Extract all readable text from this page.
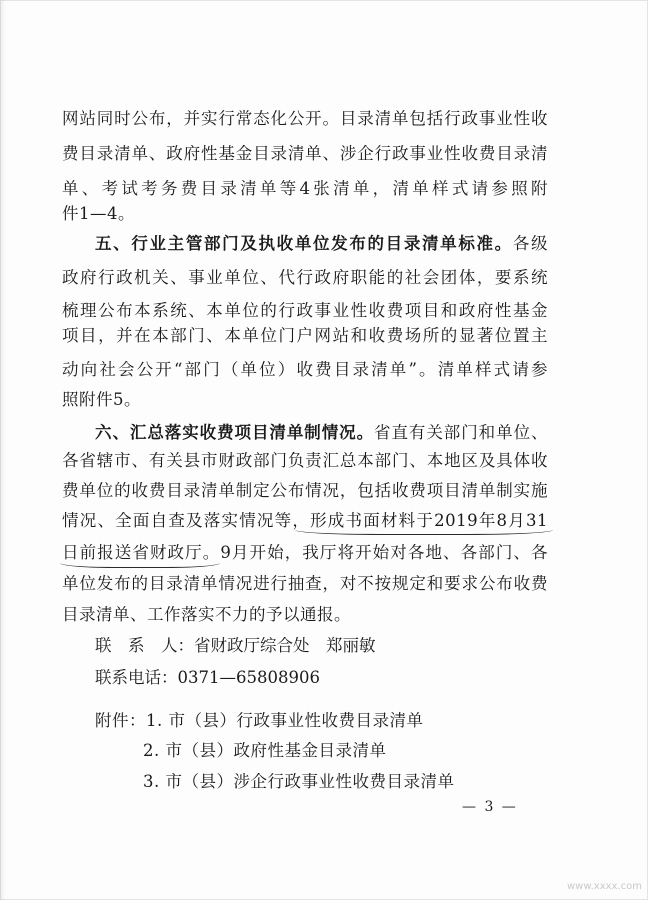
网站同时公布，并实行常态化公开。目录清单包括行政事业性收
费目录清单、政府性基金目录清单、涉企行政事业性收费目录清
单、考试考务费目录清单等4张清单，清单样式请参照附
件1—4。
五、行业主管部门及执收单位发布的目录清单标准。各级
政府行政机关、事业单位、代行政府职能的社会团体，要系统
梳理公布本系统、本单位的行政事业性收费项目和政府性基金
项目，并在本部门、本单位门户网站和收费场所的显著位置主
动向社会公开“部门（单位）收费目录清单”。清单样式请参
照附件5。
六、汇总落实收费项目清单制情况。省直有关部门和单位、
各省辖市、有关县市财政部门负责汇总本部门、本地区及具体收
费单位的收费目录清单制定公布情况，包括收费项目清单制实施
情况、全面自查及落实情况等，形成书面材料于2019年8月31
日前报送省财政厅。9月开始，我厅将开始对各地、各部门、各
单位发布的目录清单情况进行抽查，对不按规定和要求公布收费
目录清单、工作落实不力的予以通报。
联　系　人：省财政厅综合处　郑丽敏
联系电话：0371—65808906
附件：1. 市（县）行政事业性收费目录清单
2. 市（县）政府性基金目录清单
3. 市（县）涉企行政事业性收费目录清单
— 3 —
www.xxxx.com
